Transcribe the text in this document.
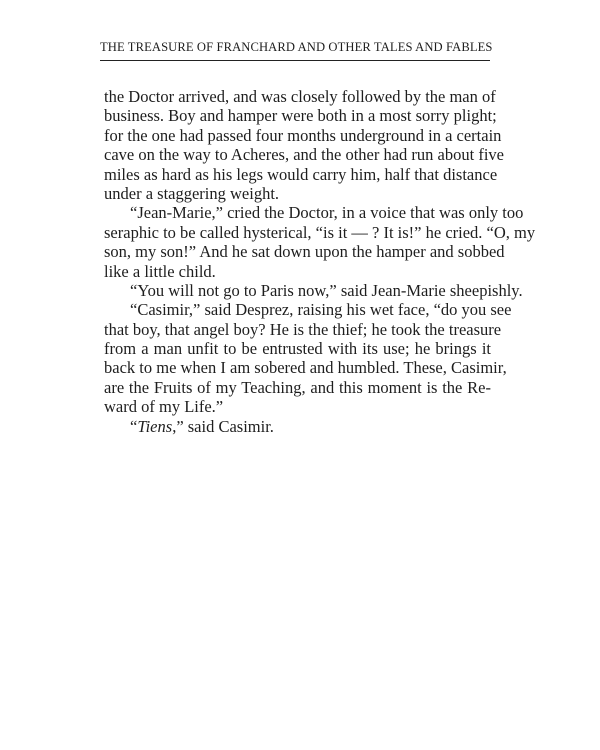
THE TREASURE OF FRANCHARD AND OTHER TALES AND FABLES
the Doctor arrived, and was closely followed by the man of
business. Boy and hamper were both in a most sorry plight;
for the one had passed four months underground in a certain
cave on the way to Acheres, and the other had run about five
miles as hard as his legs would carry him, half that distance
under a staggering weight.
“Jean-Marie,” cried the Doctor, in a voice that was only too
seraphic to be called hysterical, “is it — ? It is!” he cried. “O, my
son, my son!” And he sat down upon the hamper and sobbed
like a little child.
“You will not go to Paris now,” said Jean-Marie sheepishly.
“Casimir,” said Desprez, raising his wet face, “do you see
that boy, that angel boy? He is the thief; he took the treasure
from a man unfit to be entrusted with its use; he brings it
back to me when I am sobered and humbled. These, Casimir,
are the Fruits of my Teaching, and this moment is the Re-
ward of my Life.”
“Tiens,” said Casimir.
